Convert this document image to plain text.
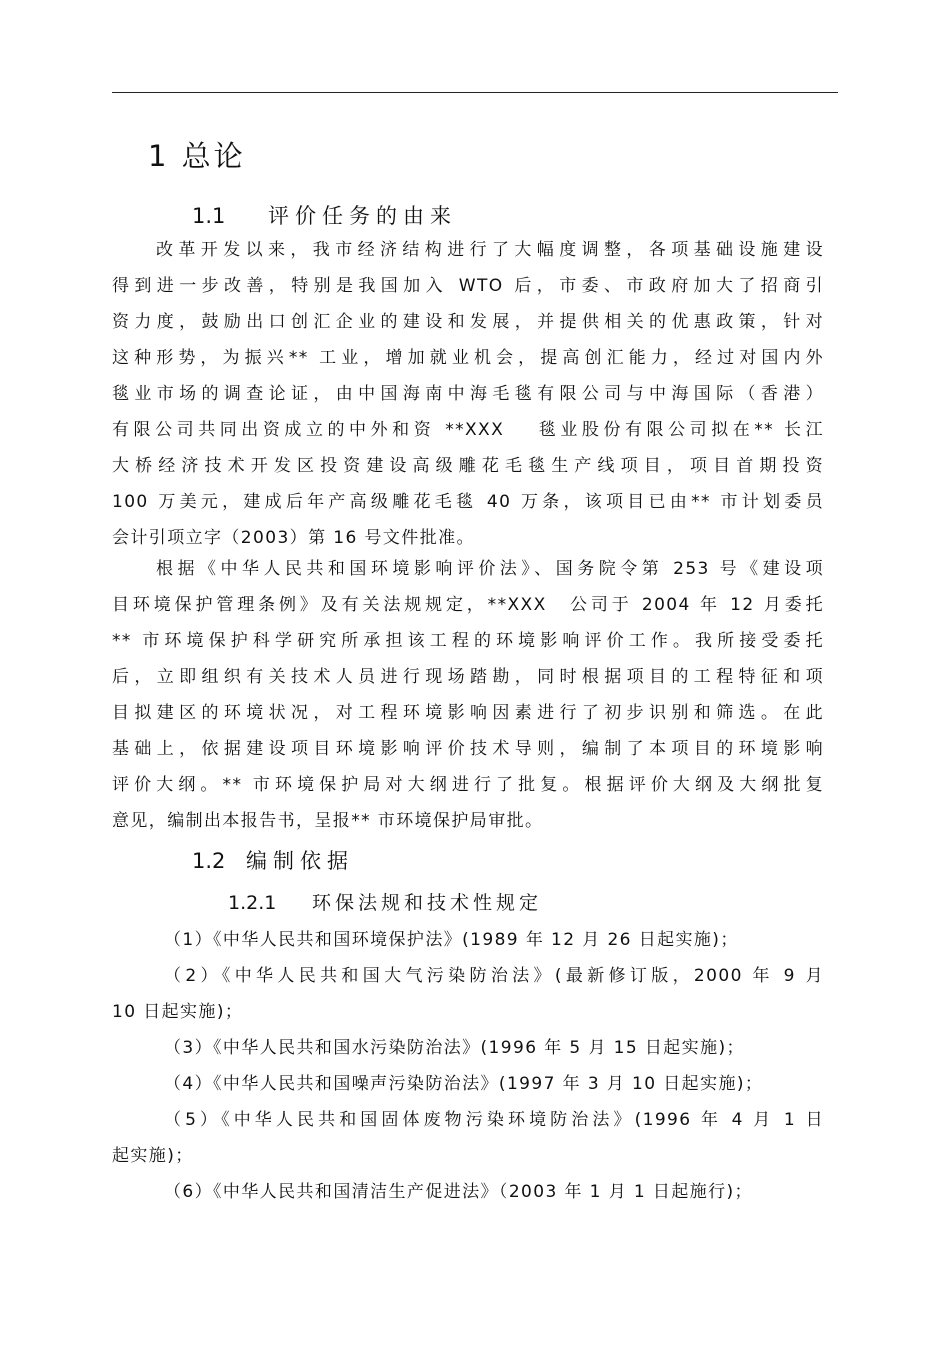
1 总论
1.1 评价任务的由来
改革开发以来，我市经济结构进行了大幅度调整，各项基础设施建设
得到进一步改善，特别是我国加入 WTO 后，市委、市政府加大了招商引
资力度，鼓励出口创汇企业的建设和发展，并提供相关的优惠政策，针对
这种形势，为振兴** 工业，增加就业机会，提高创汇能力，经过对国内外
毯业市场的调查论证，由中国海南中海毛毯有限公司与中海国际（香港）
有限公司共同出资成立的中外和资 **XXX　 毯业股份有限公司拟在** 长江
大桥经济技术开发区投资建设高级雕花毛毯生产线项目，项目首期投资
100 万美元，建成后年产高级雕花毛毯 40 万条，该项目已由** 市计划委员
会计引项立字（2003）第 16 号文件批准。
根据《中华人民共和国环境影响评价法》、国务院令第 253 号《建设项
目环境保护管理条例》及有关法规规定，**XXX　公司于 2004 年 12 月委托
** 市环境保护科学研究所承担该工程的环境影响评价工作。我所接受委托
后，立即组织有关技术人员进行现场踏勘，同时根据项目的工程特征和项
目拟建区的环境状况，对工程环境影响因素进行了初步识别和筛选。在此
基础上，依据建设项目环境影响评价技术导则，编制了本项目的环境影响
评价大纲。** 市环境保护局对大纲进行了批复。根据评价大纲及大纲批复
意见，编制出本报告书，呈报** 市环境保护局审批。
1.2 编制依据
1.2.1 环保法规和技术性规定
（1）《中华人民共和国环境保护法》(1989 年 12 月 26 日起实施)；
（2）《中华人民共和国大气污染防治法》(最新修订版，2000 年 9 月
10 日起实施)；
（3）《中华人民共和国水污染防治法》(1996 年 5 月 15 日起实施)；
（4）《中华人民共和国噪声污染防治法》(1997 年 3 月 10 日起实施)；
（5）《中华人民共和国固体废物污染环境防治法》(1996 年 4 月 1 日
起实施)；
（6）《中华人民共和国清洁生产促进法》（2003 年 1 月 1 日起施行)；
